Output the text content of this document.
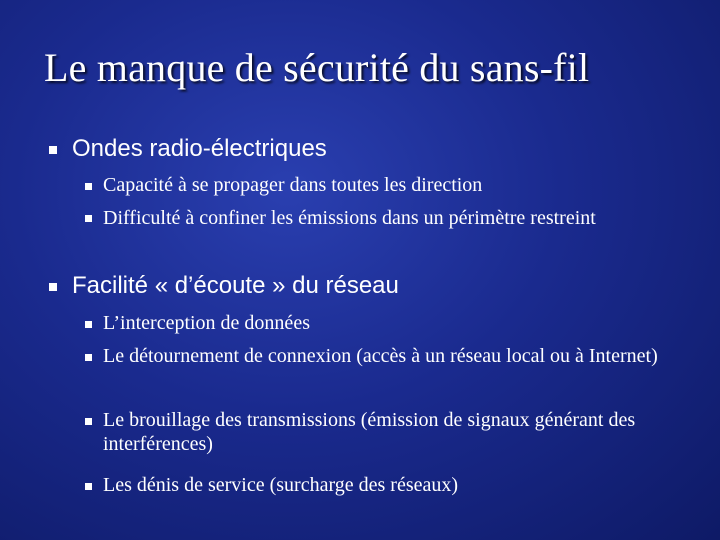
Le manque de sécurité du sans-fil
Ondes radio-électriques
Capacité à se propager dans toutes les direction
Difficulté à confiner les émissions dans un périmètre restreint
Facilité « d’écoute » du réseau
L’interception de données
Le détournement de connexion (accès à un réseau local ou à Internet)
Le brouillage des transmissions (émission de signaux générant des interférences)
Les dénis de service (surcharge des réseaux)
